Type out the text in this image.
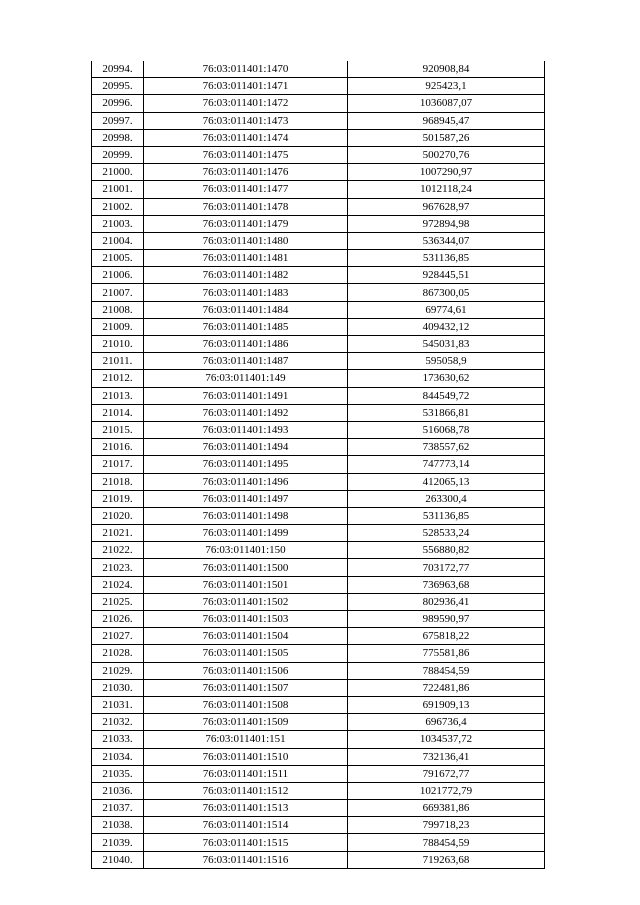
20994.	76:03:011401:1470	920908,84
20995.	76:03:011401:1471	925423,1
20996.	76:03:011401:1472	1036087,07
20997.	76:03:011401:1473	968945,47
20998.	76:03:011401:1474	501587,26
20999.	76:03:011401:1475	500270,76
21000.	76:03:011401:1476	1007290,97
21001.	76:03:011401:1477	1012118,24
21002.	76:03:011401:1478	967628,97
21003.	76:03:011401:1479	972894,98
21004.	76:03:011401:1480	536344,07
21005.	76:03:011401:1481	531136,85
21006.	76:03:011401:1482	928445,51
21007.	76:03:011401:1483	867300,05
21008.	76:03:011401:1484	69774,61
21009.	76:03:011401:1485	409432,12
21010.	76:03:011401:1486	545031,83
21011.	76:03:011401:1487	595058,9
21012.	76:03:011401:149	173630,62
21013.	76:03:011401:1491	844549,72
21014.	76:03:011401:1492	531866,81
21015.	76:03:011401:1493	516068,78
21016.	76:03:011401:1494	738557,62
21017.	76:03:011401:1495	747773,14
21018.	76:03:011401:1496	412065,13
21019.	76:03:011401:1497	263300,4
21020.	76:03:011401:1498	531136,85
21021.	76:03:011401:1499	528533,24
21022.	76:03:011401:150	556880,82
21023.	76:03:011401:1500	703172,77
21024.	76:03:011401:1501	736963,68
21025.	76:03:011401:1502	802936,41
21026.	76:03:011401:1503	989590,97
21027.	76:03:011401:1504	675818,22
21028.	76:03:011401:1505	775581,86
21029.	76:03:011401:1506	788454,59
21030.	76:03:011401:1507	722481,86
21031.	76:03:011401:1508	691909,13
21032.	76:03:011401:1509	696736,4
21033.	76:03:011401:151	1034537,72
21034.	76:03:011401:1510	732136,41
21035.	76:03:011401:1511	791672,77
21036.	76:03:011401:1512	1021772,79
21037.	76:03:011401:1513	669381,86
21038.	76:03:011401:1514	799718,23
21039.	76:03:011401:1515	788454,59
21040.	76:03:011401:1516	719263,68
